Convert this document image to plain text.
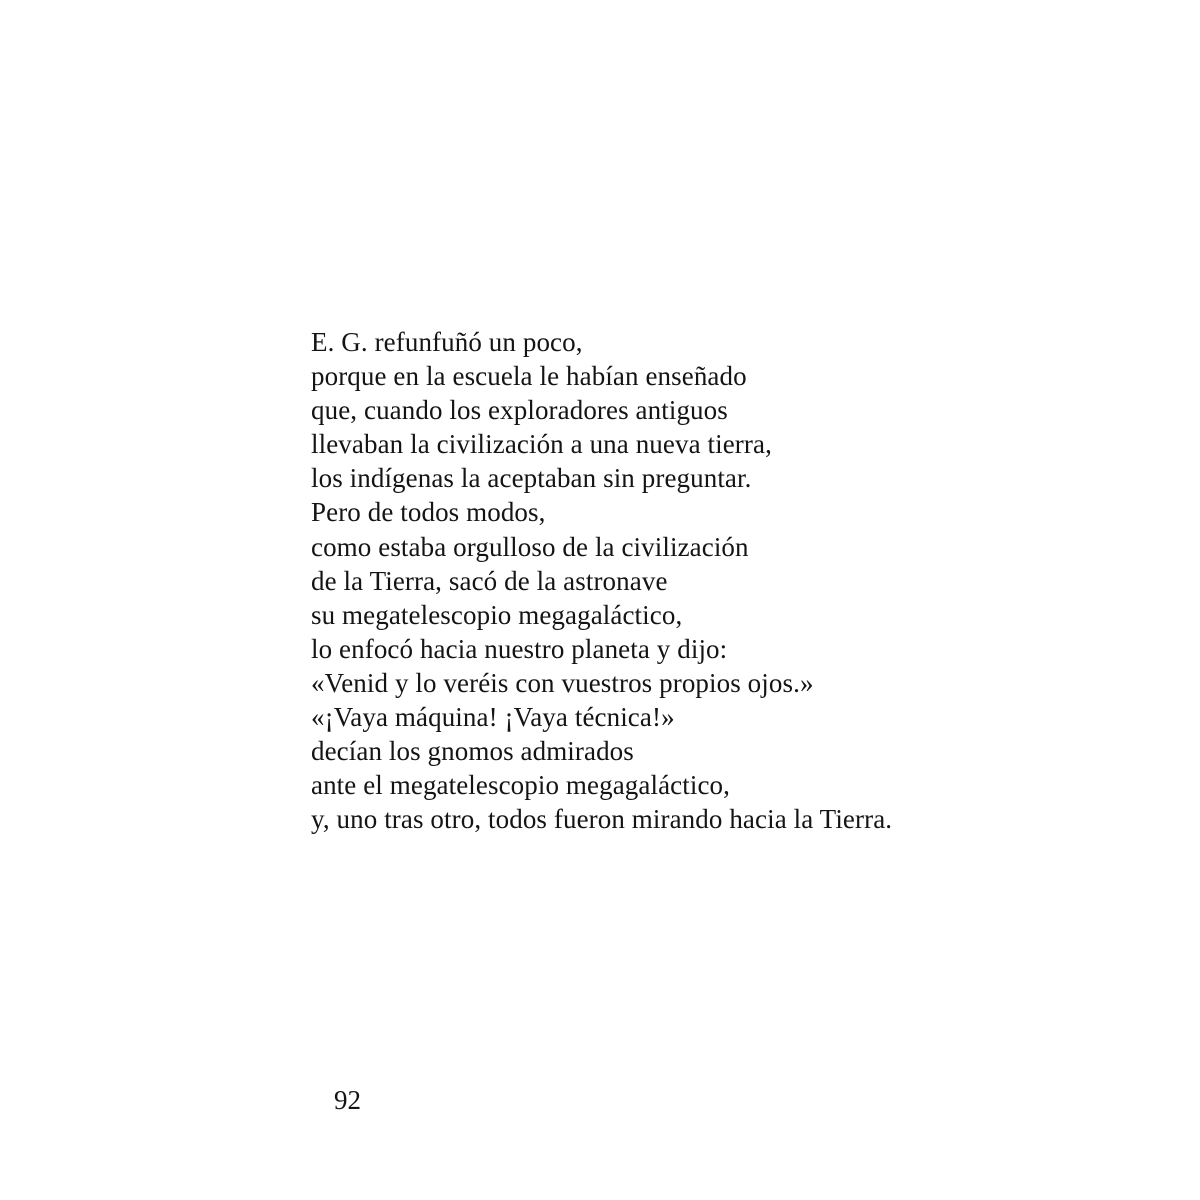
E. G. refunfuñó un poco,
porque en la escuela le habían enseñado
que, cuando los exploradores antiguos
llevaban la civilización a una nueva tierra,
los indígenas la aceptaban sin preguntar.
Pero de todos modos,
como estaba orgulloso de la civilización
de la Tierra, sacó de la astronave
su megatelescopio megagaláctico,
lo enfocó hacia nuestro planeta y dijo:
«Venid y lo veréis con vuestros propios ojos.»
«¡Vaya máquina! ¡Vaya técnica!»
decían los gnomos admirados
ante el megatelescopio megagaláctico,
y, uno tras otro, todos fueron mirando hacia la Tierra.
92
